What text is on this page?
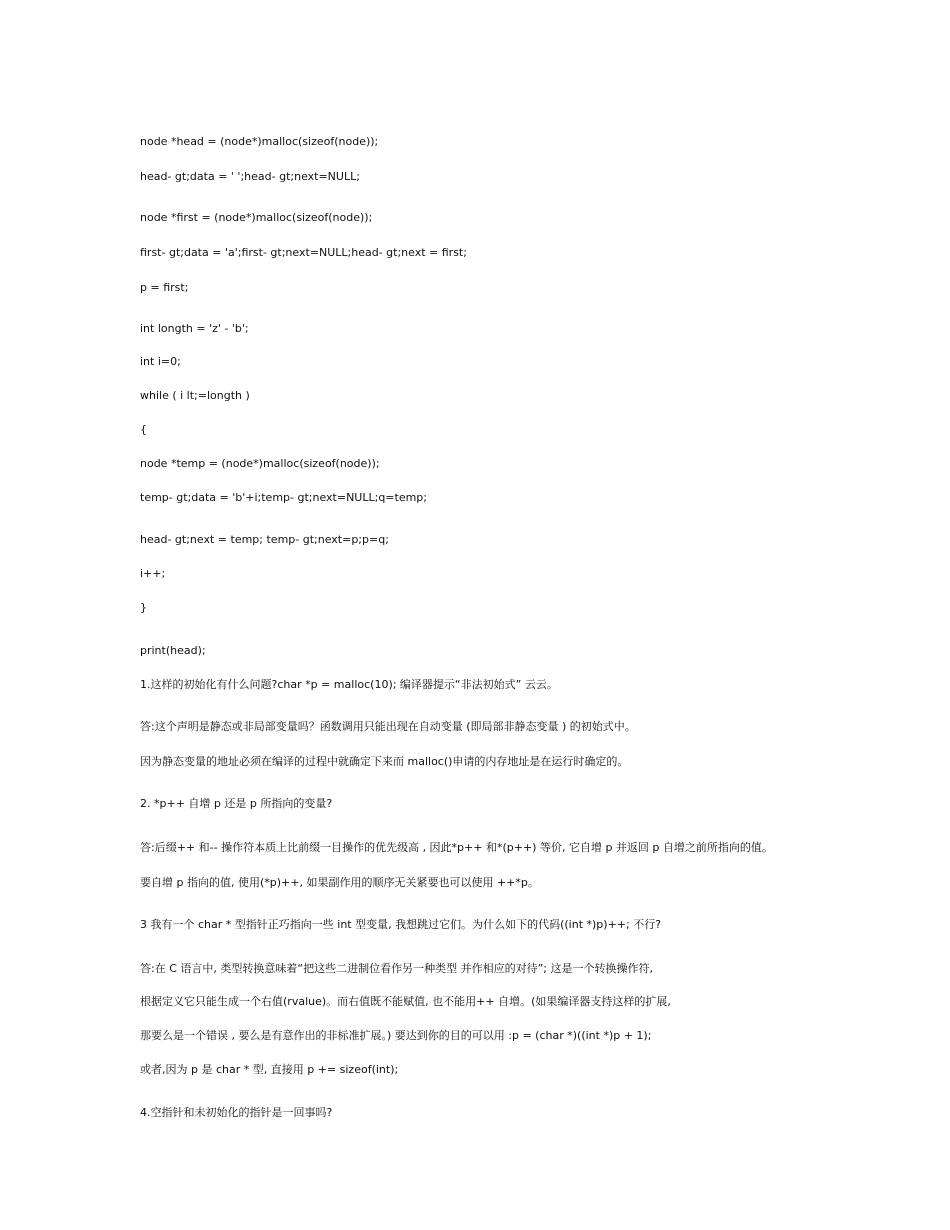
node *head = (node*)malloc(sizeof(node));
head- gt;data = ' ';head- gt;next=NULL;
node *first = (node*)malloc(sizeof(node));
first- gt;data = 'a';first- gt;next=NULL;head- gt;next = first;
p = first;
int longth = 'z' - 'b';
int i=0;
while ( i lt;=longth )
{
node *temp = (node*)malloc(sizeof(node));
temp- gt;data = 'b'+i;temp- gt;next=NULL;q=temp;
head- gt;next = temp; temp- gt;next=p;p=q;
i++;
}
print(head);
1.这样的初始化有什么问题?char *p = malloc(10); 编译器提示“非法初始式” 云云。
答:这个声明是静态或非局部变量吗？函数调用只能出现在自动变量 (即局部非静态变量 ) 的初始式中。
因为静态变量的地址必须在编译的过程中就确定下来而 malloc()申请的内存地址是在运行时确定的。
2. *p++ 自增 p 还是 p 所指向的变量?
答:后缀++ 和-- 操作符本质上比前缀一目操作的优先级高 , 因此*p++ 和*(p++) 等价, 它自增 p 并返回 p 自增之前所指向的值。
要自增 p 指向的值, 使用(*p)++, 如果副作用的顺序无关紧要也可以使用 ++*p。
3 我有一个 char * 型指针正巧指向一些 int 型变量, 我想跳过它们。为什么如下的代码((int *)p)++; 不行?
答:在 C 语言中, 类型转换意味着“把这些二进制位看作另一种类型 并作相应的对待”; 这是一个转换操作符,
根据定义它只能生成一个右值(rvalue)。而右值既不能赋值, 也不能用++ 自增。(如果编译器支持这样的扩展,
那要么是一个错误 , 要么是有意作出的非标准扩展。) 要达到你的目的可以用 :p = (char *)((int *)p + 1);
或者,因为 p 是 char * 型, 直接用 p += sizeof(int);
4.空指针和未初始化的指针是一回事吗?
